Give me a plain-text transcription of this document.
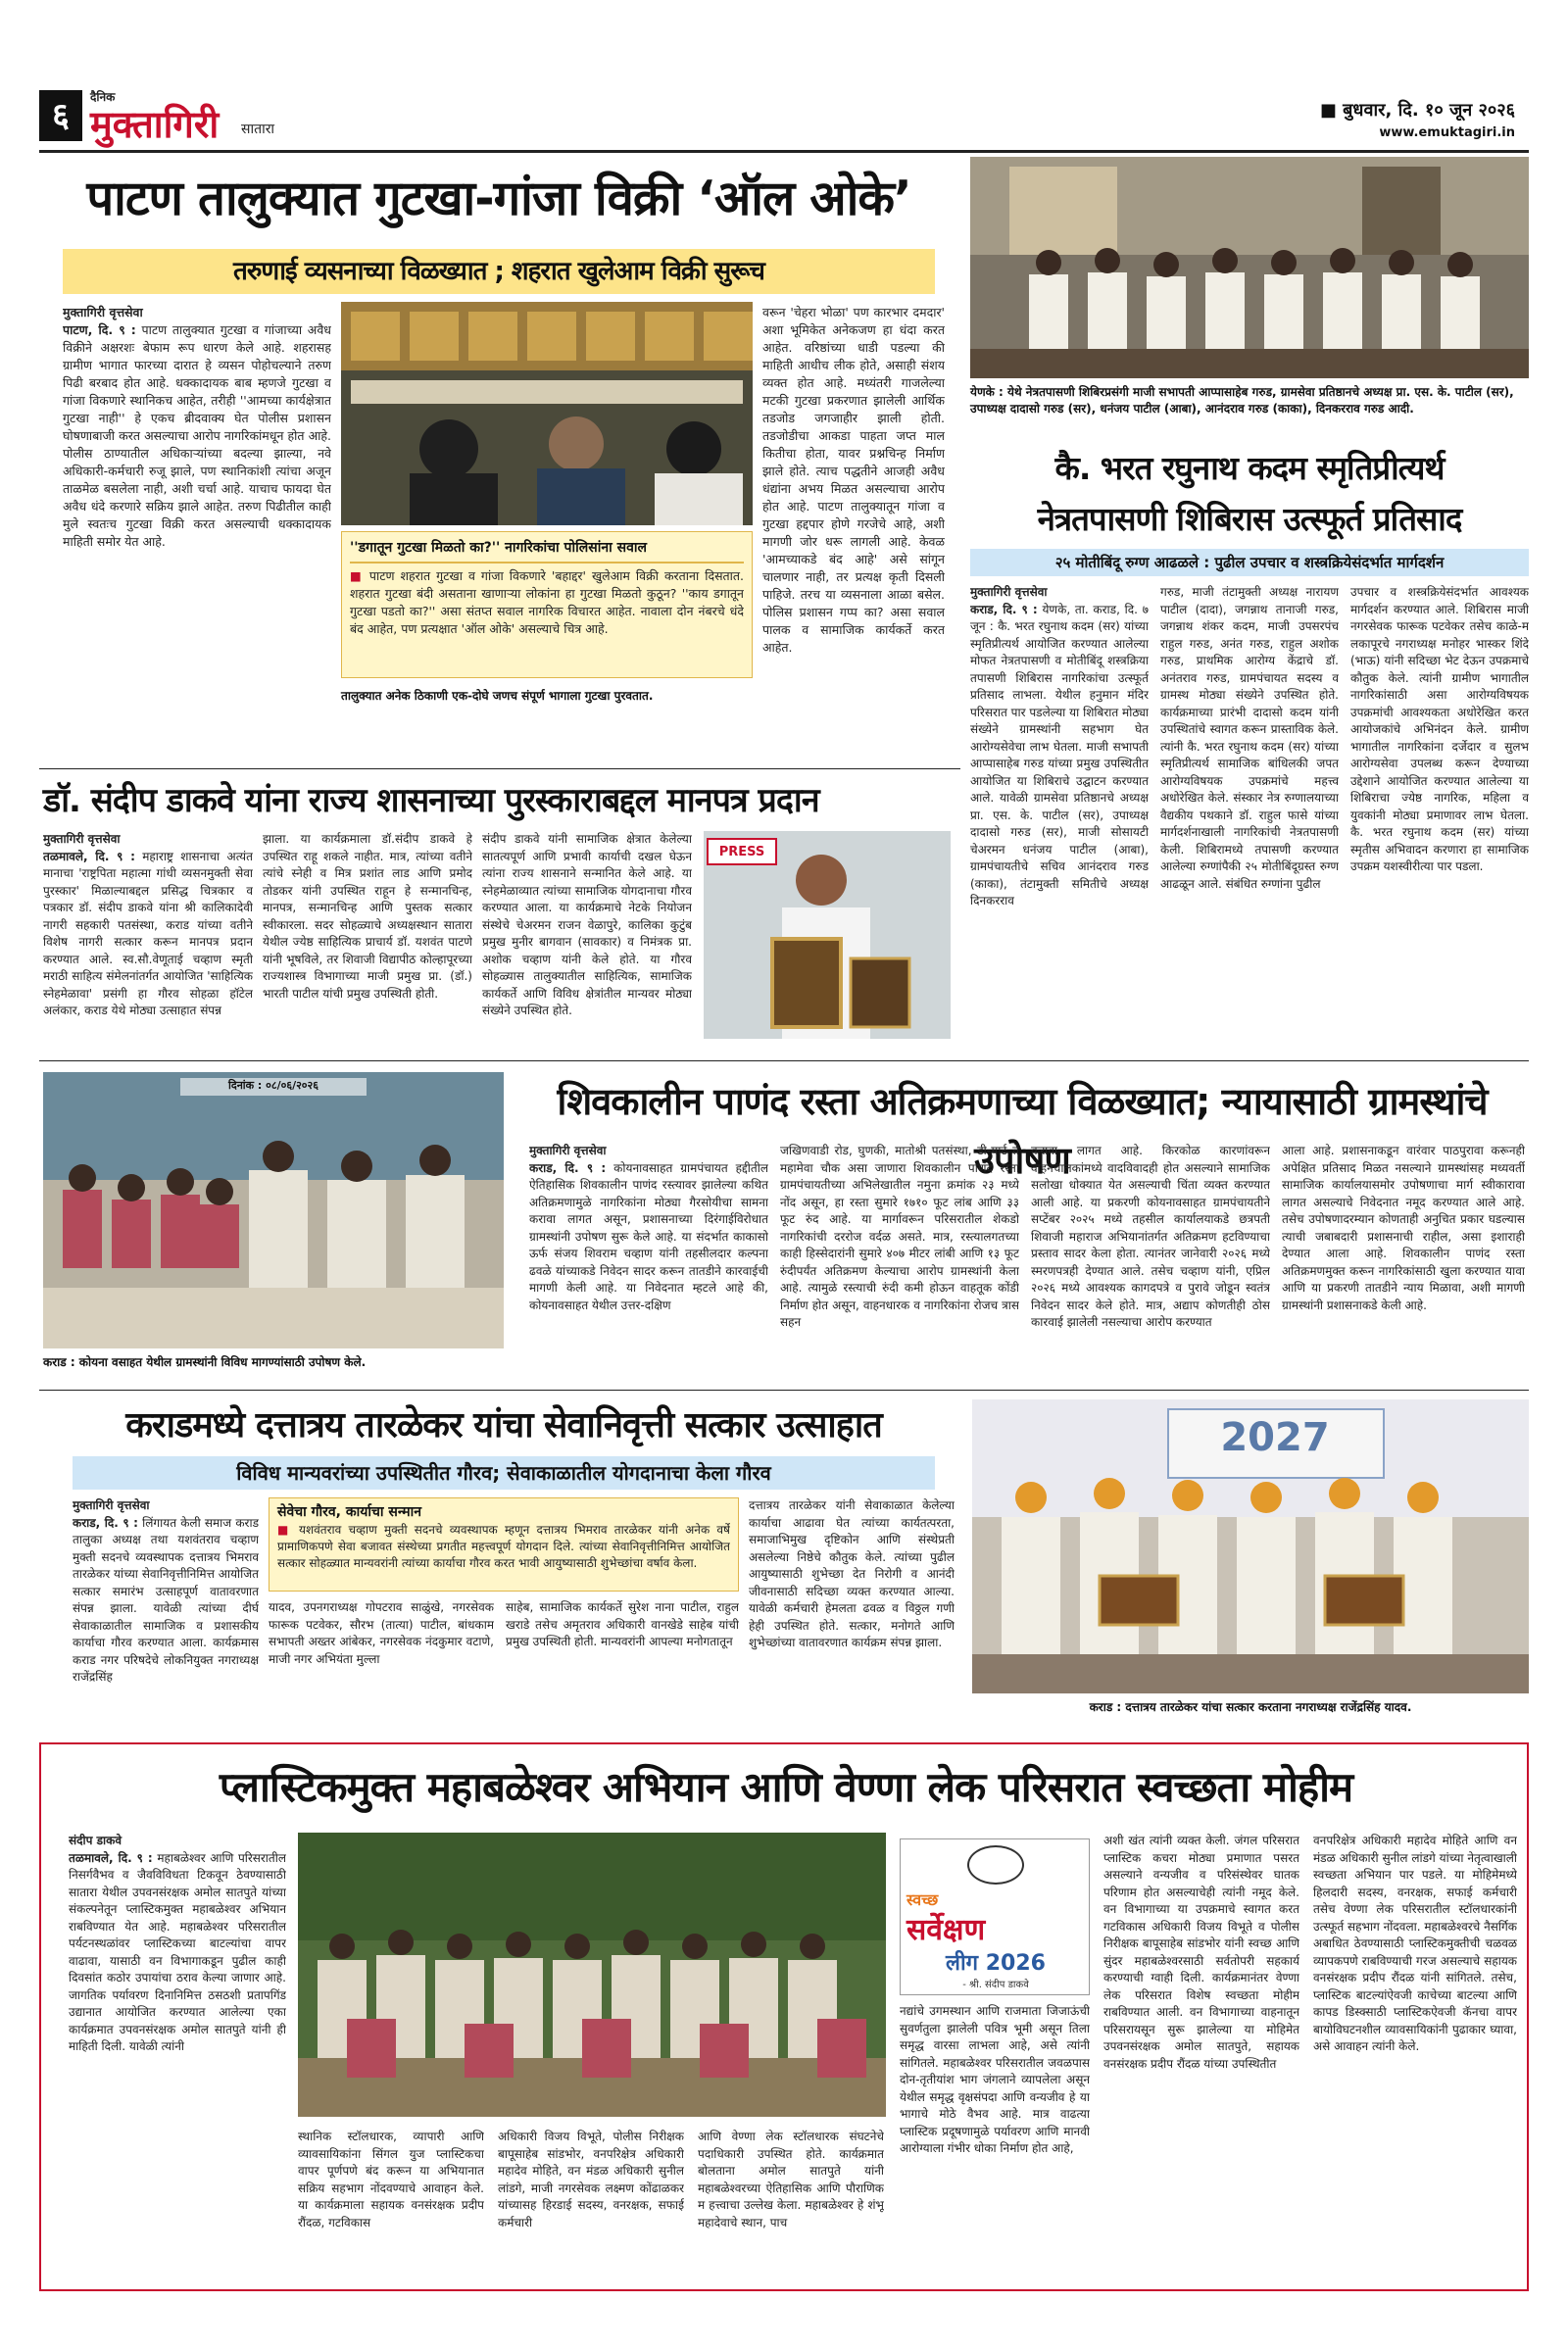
६	दैनिक
मुक्तागिरी सातारा
■ बुधवार, दि. १० जून २०२६
www.emuktagiri.in
पाटण तालुक्यात गुटखा-गांजा विक्री ‘ऑल ओके’
तरुणाई व्यसनाच्या विळख्यात ; शहरात खुलेआम विक्री सुरूच
मुक्तागिरी वृत्तसेवा
पाटण, दि. ९ : पाटण तालुक्यात गुटखा व गांजाच्या अवैध विक्रीने अक्षरशः बेफाम रूप धारण केले आहे. शहरासह ग्रामीण भागात फारच्या दारात हे व्यसन पोहोचल्याने तरुण पिढी बरबाद होत आहे. धक्कादायक बाब म्हणजे गुटखा व गांजा विकणारे स्थानिकच आहेत, तरीही ''आमच्या कार्यक्षेत्रात गुटखा नाही'' हे एकच ब्रीदवाक्य घेत पोलीस प्रशासन घोषणाबाजी करत असल्याचा आरोप नागरिकांमधून होत आहे. पोलीस ठाण्यातील अधिकाऱ्यांच्या बदल्या झाल्या, नवे अधिकारी-कर्मचारी रुजू झाले, पण स्थानिकांशी त्यांचा अजून ताळमेळ बसलेला नाही, अशी चर्चा आहे. याचाच फायदा घेत अवैध धंदे करणारे सक्रिय झाले आहेत. तरुण पिढीतील काही मुले स्वतःच गुटखा विक्री करत असल्याची धक्कादायक माहिती समोर येत आहे.	''डगातून गुटखा मिळतो का?'' नागरिकांचा पोलिसांना सवाल
■ पाटण शहरात गुटखा व गांजा विकणारे 'बहाद्दर' खुलेआम विक्री करताना दिसतात. शहरात गुटखा बंदी असताना खाणाऱ्या लोकांना हा गुटखा मिळतो कुठून? ''काय डगातून गुटखा पडतो का?'' असा संतप्त सवाल नागरिक विचारत आहेत. नावाला दोन नंबरचे धंदे बंद आहेत, पण प्रत्यक्षात 'ऑल ओके' असल्याचे चित्र आहे.
तालुक्यात अनेक ठिकाणी एक-दोघे जणच संपूर्ण भागाला गुटखा पुरवतात.
वरून 'चेहरा भोळा' पण कारभार दमदार' अशा भूमिकेत अनेकजण हा धंदा करत आहेत. वरिष्ठांच्या धाडी पडल्या की माहिती आधीच लीक होते, असाही संशय व्यक्त होत आहे. मध्यंतरी गाजलेल्या मटकी गुटखा प्रकरणात झालेली आर्थिक तडजोड जगजाहीर झाली होती. तडजोडीचा आकडा पाहता जप्त माल कितीचा होता, यावर प्रश्नचिन्ह निर्माण झाले होते. त्याच पद्धतीने आजही अवैध धंद्यांना अभय मिळत असल्याचा आरोप होत आहे. पाटण तालुक्यातून गांजा व गुटखा हद्दपार होणे गरजेचे आहे, अशी मागणी जोर धरू लागली आहे. केवळ 'आमच्याकडे बंद आहे' असे सांगून चालणार नाही, तर प्रत्यक्ष कृती दिसली पाहिजे. तरच या व्यसनाला आळा बसेल. पोलिस प्रशासन गप्प का? असा सवाल पालक व सामाजिक कार्यकर्ते करत आहेत.
येणके : येथे नेत्रतपासणी शिबिरप्रसंगी माजी सभापती आप्पासाहेब गरुड, ग्रामसेवा प्रतिष्ठानचे अध्यक्ष प्रा. एस. के. पाटील (सर), उपाध्यक्ष दादासो गरुड (सर), धनंजय पाटील (आबा), आनंदराव गरुड (काका), दिनकरराव गरुड आदी.
कै. भरत रघुनाथ कदम स्मृतिप्रीत्यर्थ
नेत्रतपासणी शिबिरास उत्स्फूर्त प्रतिसाद
२५ मोतीबिंदू रुग्ण आढळले : पुढील उपचार व शस्त्रक्रियेसंदर्भात मार्गदर्शन
मुक्तागिरी वृत्तसेवा
कराड, दि. ९ : येणके, ता. कराड, दि. ७ जून : कै. भरत रघुनाथ कदम (सर) यांच्या स्मृतिप्रीत्यर्थ आयोजित करण्यात आलेल्या मोफत नेत्रतपासणी व मोतीबिंदू शस्त्रक्रिया तपासणी शिबिरास नागरिकांचा उत्स्फूर्त प्रतिसाद लाभला. येथील हनुमान मंदिर परिसरात पार पडलेल्या या शिबिरात मोठ्या संख्येने ग्रामस्थांनी सहभाग घेत आरोग्यसेवेचा लाभ घेतला. माजी सभापती आप्पासाहेब गरुड यांच्या प्रमुख उपस्थितीत आयोजित या शिबिराचे उद्घाटन करण्यात आले. यावेळी ग्रामसेवा प्रतिष्ठानचे अध्यक्ष प्रा. एस. के. पाटील (सर), उपाध्यक्ष दादासो गरुड (सर), माजी सोसायटी चेअरमन धनंजय पाटील (आबा), ग्रामपंचायतीचे सचिव आनंदराव गरुड (काका), तंटामुक्ती समितीचे अध्यक्ष दिनकरराव
गरुड, माजी तंटामुक्ती अध्यक्ष नारायण पाटील (दादा), जगन्नाथ तानाजी गरुड, जगन्नाथ शंकर कदम, माजी उपसरपंच राहुल गरुड, अनंत गरुड, राहुल अशोक गरुड, प्राथमिक आरोग्य केंद्राचे डॉ. अनंतराव गरुड, ग्रामपंचायत सदस्य व ग्रामस्थ मोठ्या संख्येने उपस्थित होते. कार्यक्रमाच्या प्रारंभी दादासो कदम यांनी उपस्थितांचे स्वागत करून प्रास्ताविक केले. त्यांनी कै. भरत रघुनाथ कदम (सर) यांच्या स्मृतिप्रीत्यर्थ सामाजिक बांधिलकी जपत आरोग्यविषयक उपक्रमांचे महत्त्व अधोरेखित केले. संस्कार नेत्र रुग्णालयाच्या वैद्यकीय पथकाने डॉ. राहुल फासे यांच्या मार्गदर्शनाखाली नागरिकांची नेत्रतपासणी केली. शिबिरामध्ये तपासणी करण्यात आलेल्या रुग्णांपैकी २५ मोतीबिंदूग्रस्त रुग्ण आढळून आले. संबंधित रुग्णांना पुढील
उपचार व शस्त्रक्रियेसंदर्भात आवश्यक मार्गदर्शन करण्यात आले. शिबिरास माजी नगरसेवक फारूक पटवेकर तसेच काळे-म लकापूरचे नगराध्यक्ष मनोहर भास्कर शिंदे (भाऊ) यांनी सदिच्छा भेट देऊन उपक्रमाचे कौतुक केले. त्यांनी ग्रामीण भागातील नागरिकांसाठी असा आरोग्यविषयक उपक्रमांची आवश्यकता अधोरेखित करत आयोजकांचे अभिनंदन केले. ग्रामीण भागातील नागरिकांना दर्जेदार व सुलभ आरोग्यसेवा उपलब्ध करून देण्याच्या उद्देशाने आयोजित करण्यात आलेल्या या शिबिराचा ज्येष्ठ नागरिक, महिला व युवकांनी मोठ्या प्रमाणावर लाभ घेतला. कै. भरत रघुनाथ कदम (सर) यांच्या स्मृतीस अभिवादन करणारा हा सामाजिक उपक्रम यशस्वीरीत्या पार पडला.
डॉ. संदीप डाकवे यांना राज्य शासनाच्या पुरस्काराबद्दल मानपत्र प्रदान
मुक्तागिरी वृत्तसेवा
तळमावले, दि. ९ : महाराष्ट्र शासनाचा अत्यंत मानाचा 'राष्ट्रपिता महात्मा गांधी व्यसनमुक्ती सेवा पुरस्कार' मिळाल्याबद्दल प्रसिद्ध चित्रकार व पत्रकार डॉ. संदीप डाकवे यांना श्री कालिकादेवी नागरी सहकारी पतसंस्था, कराड यांच्या वतीने विशेष नागरी सत्कार करून मानपत्र प्रदान करण्यात आले. स्व.सौ.वेणूताई चव्हाण स्मृती मराठी साहित्य संमेलनांतर्गत आयोजित 'साहित्यिक स्नेहमेळावा' प्रसंगी हा गौरव सोहळा हॉटेल अलंकार, कराड येथे मोठ्या उत्साहात संपन्न
झाला. या कार्यक्रमाला डॉ.संदीप डाकवे हे उपस्थित राहू शकले नाहीत. मात्र, त्यांच्या वतीने त्यांचे स्नेही व मित्र प्रशांत लाड आणि प्रमोद तोडकर यांनी उपस्थित राहून हे सन्मानचिन्ह, मानपत्र, सन्मानचिन्ह आणि पुस्तक सत्कार स्वीकारला. सदर सोहळ्याचे अध्यक्षस्थान सातारा येथील ज्येष्ठ साहित्यिक प्राचार्य डॉ. यशवंत पाटणे यांनी भूषविले, तर शिवाजी विद्यापीठ कोल्हापूरच्या राज्यशास्त्र विभागाच्या माजी प्रमुख प्रा. (डॉ.) भारती पाटील यांची प्रमुख उपस्थिती होती.
संदीप डाकवे यांनी सामाजिक क्षेत्रात केलेल्या सातत्यपूर्ण आणि प्रभावी कार्याची दखल घेऊन त्यांना राज्य शासनाने सन्मानित केले आहे. या स्नेहमेळाव्यात त्यांच्या सामाजिक योगदानाचा गौरव करण्यात आला. या कार्यक्रमाचे नेटके नियोजन संस्थेचे चेअरमन राजन वेळापुरे, कालिका कुटुंब प्रमुख मुनीर बागवान (सावकार) व निमंत्रक प्रा. अशोक चव्हाण यांनी केले होते. या गौरव सोहळ्यास तालुक्यातील साहित्यिक, सामाजिक कार्यकर्ते आणि विविध क्षेत्रांतील मान्यवर मोठ्या संख्येने उपस्थित होते.
PRESS
दिनांक : ०८/०६/२०२६
कराड : कोयना वसाहत येथील ग्रामस्थांनी विविध मागण्यांसाठी उपोषण केले.
शिवकालीन पाणंद रस्ता अतिक्रमणाच्या विळख्यात; न्यायासाठी ग्रामस्थांचे उपोषण
मुक्तागिरी वृत्तसेवा
कराड, दि. ९ : कोयनावसाहत ग्रामपंचायत हद्दीतील ऐतिहासिक शिवकालीन पाणंद रस्त्यावर झालेल्या कथित अतिक्रमणामुळे नागरिकांना मोठ्या गैरसोयीचा सामना करावा लागत असून, प्रशासनाच्या दिरंगाईविरोधात ग्रामस्थांनी उपोषण सुरू केले आहे. या संदर्भात काकासो ऊर्फ संजय शिवराम चव्हाण यांनी तहसीलदार कल्पना ढवळे यांच्याकडे निवेदन सादर करून तातडीने कारवाईची मागणी केली आहे. या निवेदनात म्हटले आहे की, कोयनावसाहत येथील उत्तर-दक्षिण
जखिणवाडी रोड, घुणकी, मातोश्री पतसंस्था, डी-मार्ट ते महामेवा चौक असा जाणारा शिवकालीन पाणंद रस्ता ग्रामपंचायतीच्या अभिलेखातील नमुना क्रमांक २३ मध्ये नोंद असून, हा रस्ता सुमारे १७१० फूट लांब आणि ३३ फूट रुंद आहे. या मार्गावरून परिसरातील शेकडो नागरिकांची दररोज वर्दळ असते. मात्र, रस्त्यालगतच्या काही हिस्सेदारांनी सुमारे ४०७ मीटर लांबी आणि १३ फूट रुंदीपर्यंत अतिक्रमण केल्याचा आरोप ग्रामस्थांनी केला आहे. त्यामुळे रस्त्याची रुंदी कमी होऊन वाहतूक कोंडी निर्माण होत असून, वाहनधारक व नागरिकांना रोजच त्रास सहन
करावा लागत आहे. किरकोळ कारणांवरून वाहनचालकांमध्ये वादविवादही होत असल्याने सामाजिक सलोखा धोक्यात येत असल्याची चिंता व्यक्त करण्यात आली आहे. या प्रकरणी कोयनावसाहत ग्रामपंचायतीने सप्टेंबर २०२५ मध्ये तहसील कार्यालयाकडे छत्रपती शिवाजी महाराज अभियानांतर्गत अतिक्रमण हटविण्याचा प्रस्ताव सादर केला होता. त्यानंतर जानेवारी २०२६ मध्ये स्मरणपत्रही देण्यात आले. तसेच चव्हाण यांनी, एप्रिल २०२६ मध्ये आवश्यक कागदपत्रे व पुरावे जोडून स्वतंत्र निवेदन सादर केले होते. मात्र, अद्याप कोणतीही ठोस कारवाई झालेली नसल्याचा आरोप करण्यात
आला आहे. प्रशासनाकडून वारंवार पाठपुरावा करूनही अपेक्षित प्रतिसाद मिळत नसल्याने ग्रामस्थांसह मध्यवर्ती सामाजिक कार्यालयासमोर उपोषणाचा मार्ग स्वीकारावा लागत असल्याचे निवेदनात नमूद करण्यात आले आहे. तसेच उपोषणादरम्यान कोणताही अनुचित प्रकार घडल्यास त्याची जबाबदारी प्रशासनाची राहील, असा इशाराही देण्यात आला आहे. शिवकालीन पाणंद रस्ता अतिक्रमणमुक्त करून नागरिकांसाठी खुला करण्यात यावा आणि या प्रकरणी तातडीने न्याय मिळावा, अशी मागणी ग्रामस्थांनी प्रशासनाकडे केली आहे.
कराडमध्ये दत्तात्रय तारळेकर यांचा सेवानिवृत्ती सत्कार उत्साहात
विविध मान्यवरांच्या उपस्थितीत गौरव; सेवाकाळातील योगदानाचा केला गौरव
मुक्तागिरी वृत्तसेवा
कराड, दि. ९ : लिंगायत केली समाज कराड तालुका अध्यक्ष तथा यशवंतराव चव्हाण मुक्ती सदनचे व्यवस्थापक दत्तात्रय भिमराव तारळेकर यांच्या सेवानिवृत्तीनिमित्त आयोजित सत्कार समारंभ उत्साहपूर्ण वातावरणात संपन्न झाला. यावेळी त्यांच्या दीर्घ सेवाकाळातील सामाजिक व प्रशासकीय कार्याचा गौरव करण्यात आला. कार्यक्रमास कराड नगर परिषदेचे लोकनियुक्त नगराध्यक्ष राजेंद्रसिंह
सेवेचा गौरव, कार्याचा सन्मान
■ यशवंतराव चव्हाण मुक्ती सदनचे व्यवस्थापक म्हणून दत्तात्रय भिमराव तारळेकर यांनी अनेक वर्षे प्रामाणिकपणे सेवा बजावत संस्थेच्या प्रगतीत महत्त्वपूर्ण योगदान दिले. त्यांच्या सेवानिवृत्तीनिमित्त आयोजित सत्कार सोहळ्यात मान्यवरांनी त्यांच्या कार्याचा गौरव करत भावी आयुष्यासाठी शुभेच्छांचा वर्षाव केला.
यादव, उपनगराध्यक्ष गोपटराव साळुंखे, नगरसेवक फारूक पटवेकर, सौरभ (तात्या) पाटील, बांधकाम सभापती अख्तर आंबेकर, नगरसेवक नंदकुमार वटाणे, माजी नगर अभियंता मुल्ला
साहेब, सामाजिक कार्यकर्ते सुरेश नाना पाटील, राहुल खराडे तसेच अमृतराव अधिकारी वानखेडे साहेब यांची प्रमुख उपस्थिती होती. मान्यवरांनी आपल्या मनोगतातून
दत्तात्रय तारळेकर यांनी सेवाकाळात केलेल्या कार्याचा आढावा घेत त्यांच्या कार्यतत्परता, समाजाभिमुख दृष्टिकोन आणि संस्थेप्रती असलेल्या निष्ठेचे कौतुक केले. त्यांच्या पुढील आयुष्यासाठी शुभेच्छा देत निरोगी व आनंदी जीवनासाठी सदिच्छा व्यक्त करण्यात आल्या. यावेळी कर्मचारी हेमलता ढवळ व विठ्ठल गणी हेही उपस्थित होते. सत्कार, मनोगते आणि शुभेच्छांच्या वातावरणात कार्यक्रम संपन्न झाला.
2027
कराड : दत्तात्रय तारळेकर यांचा सत्कार करताना नगराध्यक्ष राजेंद्रसिंह यादव.
प्लास्टिकमुक्त महाबळेश्वर अभियान आणि वेण्णा लेक परिसरात स्वच्छता मोहीम
संदीप डाकवे
तळमावले, दि. ९ : महाबळेश्वर आणि परिसरातील निसर्गवैभव व जैवविविधता टिकवून ठेवण्यासाठी सातारा येथील उपवनसंरक्षक अमोल सातपुते यांच्या संकल्पनेतून प्लास्टिकमुक्त महाबळेश्वर अभियान राबविण्यात येत आहे. महाबळेश्वर परिसरातील पर्यटनस्थळांवर प्लास्टिकच्या बाटल्यांचा वापर वाढावा, यासाठी वन विभागाकडून पुढील काही दिवसांत कठोर उपायांचा ठराव केल्या जाणार आहे. जागतिक पर्यावरण दिनानिमित्त ठसठशी प्रतापगिंड उद्यानात आयोजित करण्यात आलेल्या एका कार्यक्रमात उपवनसंरक्षक अमोल सातपुते यांनी ही माहिती दिली. यावेळी त्यांनी
स्थानिक स्टॉलधारक, व्यापारी आणि व्यावसायिकांना सिंगल युज प्लास्टिकचा वापर पूर्णपणे बंद करून या अभियानात सक्रिय सहभाग नोंदवण्याचे आवाहन केले. या कार्यक्रमाला सहायक वनसंरक्षक प्रदीप रौंदळ, गटविकास
अधिकारी विजय विभूते, पोलीस निरीक्षक बापूसाहेब सांडभोर, वनपरिक्षेत्र अधिकारी महादेव मोहिते, वन मंडळ अधिकारी सुनील लांडगे, माजी नगरसेवक लक्ष्मण कोंढाळकर यांच्यासह हिरडाई सदस्य, वनरक्षक, सफाई कर्मचारी
आणि वेण्णा लेक स्टॉलधारक संघटनेचे पदाधिकारी उपस्थित होते. कार्यक्रमात बोलताना अमोल सातपुते यांनी महाबळेश्वरच्या ऐतिहासिक आणि पौराणिक म हत्त्वाचा उल्लेख केला. महाबळेश्वर हे शंभू महादेवाचे स्थान, पाच
स्वच्छ
सर्वेक्षण
लीग 2026
- श्री. संदीप डाकवे
नद्यांचे उगमस्थान आणि राजमाता जिजाऊंची सुवर्णतुला झालेली पवित्र भूमी असून तिला समृद्ध वारसा लाभला आहे, असे त्यांनी सांगितले. महाबळेश्वर परिसरातील जवळपास दोन-तृतीयांश भाग जंगलाने व्यापलेला असून येथील समृद्ध वृक्षसंपदा आणि वन्यजीव हे या भागाचे मोठे वैभव आहे. मात्र वाढत्या प्लास्टिक प्रदूषणामुळे पर्यावरण आणि मानवी आरोग्याला गंभीर धोका निर्माण होत आहे,
अशी खंत त्यांनी व्यक्त केली. जंगल परिसरात प्लास्टिक कचरा मोठ्या प्रमाणात पसरत असल्याने वन्यजीव व परिसंस्थेवर घातक परिणाम होत असल्याचेही त्यांनी नमूद केले. वन विभागाच्या या उपक्रमाचे स्वागत करत गटविकास अधिकारी विजय विभूते व पोलीस निरीक्षक बापूसाहेब सांडभोर यांनी स्वच्छ आणि सुंदर महाबळेश्वरसाठी सर्वतोपरी सहकार्य करण्याची ग्वाही दिली. कार्यक्रमानंतर वेण्णा लेक परिसरात विशेष स्वच्छता मोहीम राबविण्यात आली. वन विभागाच्या वाहनातून परिसरायसून सुरू झालेल्या या मोहिमेत उपवनसंरक्षक अमोल सातपुते, सहायक वनसंरक्षक प्रदीप रौंदळ यांच्या उपस्थितीत
वनपरिक्षेत्र अधिकारी महादेव मोहिते आणि वन मंडळ अधिकारी सुनील लांडगे यांच्या नेतृत्वाखाली स्वच्छता अभियान पार पडले. या मोहिमेमध्ये हिलदारी सदस्य, वनरक्षक, सफाई कर्मचारी तसेच वेण्णा लेक परिसरातील स्टॉलधारकांनी उत्स्फूर्त सहभाग नोंदवला. महाबळेश्वरचे नैसर्गिक अबाधित ठेवण्यासाठी प्लास्टिकमुक्तीची चळवळ व्यापकपणे राबविण्याची गरज असल्याचे सहायक वनसंरक्षक प्रदीप रौंदळ यांनी सांगितले. तसेच, प्लास्टिक बाटल्यांऐवजी काचेच्या बाटल्या आणि कापड डिस्क्साठी प्लास्टिकऐवजी कॅनचा वापर बायोविघटनशील व्यावसायिकांनी पुढाकार घ्यावा, असे आवाहन त्यांनी केले.
